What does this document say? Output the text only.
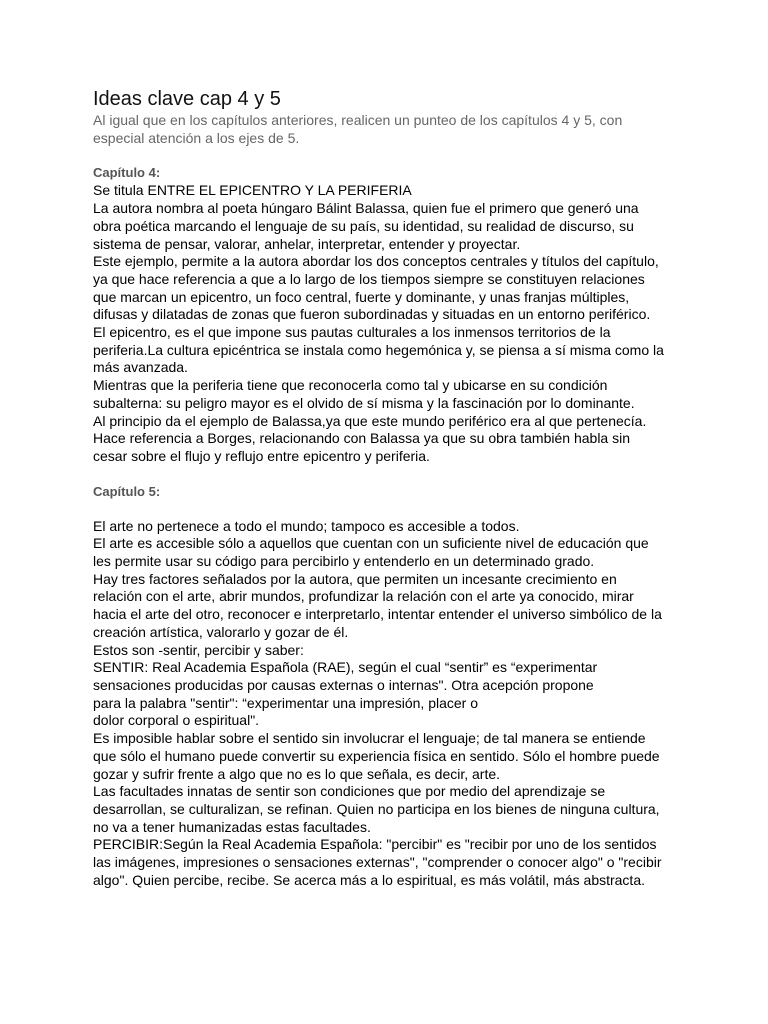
Ideas clave cap 4 y 5

Al igual que en los capítulos anteriores, realicen un punteo de los capítulos 4 y 5, con
especial atención a los ejes de 5.

Capítulo 4:

Se titula ENTRE EL EPICENTRO Y LA PERIFERIA

La autora nombra al poeta húngaro Bálint Balassa, quien fue el primero que generó una
obra poética marcando el lenguaje de su país, su identidad, su realidad de discurso, su
sistema de pensar, valorar, anhelar, interpretar, entender y proyectar.

Este ejemplo, permite a la autora abordar los dos conceptos centrales y títulos del capítulo,
ya que hace referencia a que a lo largo de los tiempos siempre se constituyen relaciones
que marcan un epicentro, un foco central, fuerte y dominante, y unas franjas múltiples,
difusas y dilatadas de zonas que fueron subordinadas y situadas en un entorno periférico.

El epicentro, es el que impone sus pautas culturales a los inmensos territorios de la
periferia.La cultura epicéntrica se instala como hegemónica y, se piensa a sí misma como la
más avanzada.

Mientras que la periferia tiene que reconocerla como tal y ubicarse en su condición
subalterna: su peligro mayor es el olvido de sí misma y la fascinación por lo dominante.

Al principio da el ejemplo de Balassa,ya que este mundo periférico era al que pertenecía.

Hace referencia a Borges, relacionando con Balassa ya que su obra también habla sin
cesar sobre el flujo y reflujo entre epicentro y periferia.

Capítulo 5:

El arte no pertenece a todo el mundo; tampoco es accesible a todos.

El arte es accesible sólo a aquellos que cuentan con un suficiente nivel de educación que
les permite usar su código para percibirlo y entenderlo en un determinado grado.

Hay tres factores señalados por la autora, que permiten un incesante crecimiento en
relación con el arte, abrir mundos, profundizar la relación con el arte ya conocido, mirar
hacia el arte del otro, reconocer e interpretarlo, intentar entender el universo simbólico de la
creación artística, valorarlo y gozar de él.

Estos son -sentir, percibir y saber:

SENTIR: Real Academia Española (RAE), según el cual “sentir” es “experimentar
sensaciones producidas por causas externas o internas". Otra acepción propone
para la palabra "sentir": “experimentar una impresión, placer o
dolor corporal o espiritual".

Es imposible hablar sobre el sentido sin involucrar el lenguaje; de tal manera se entiende
que sólo el humano puede convertir su experiencia física en sentido. Sólo el hombre puede
gozar y sufrir frente a algo que no es lo que señala, es decir, arte.

Las facultades innatas de sentir son condiciones que por medio del aprendizaje se
desarrollan, se culturalizan, se refinan. Quien no participa en los bienes de ninguna cultura,
no va a tener humanizadas estas facultades.

PERCIBIR:Según la Real Academia Española: "percibir" es "recibir por uno de los sentidos
las imágenes, impresiones o sensaciones externas", "comprender o conocer algo" o "recibir
algo". Quien percibe, recibe. Se acerca más a lo espiritual, es más volátil, más abstracta.
